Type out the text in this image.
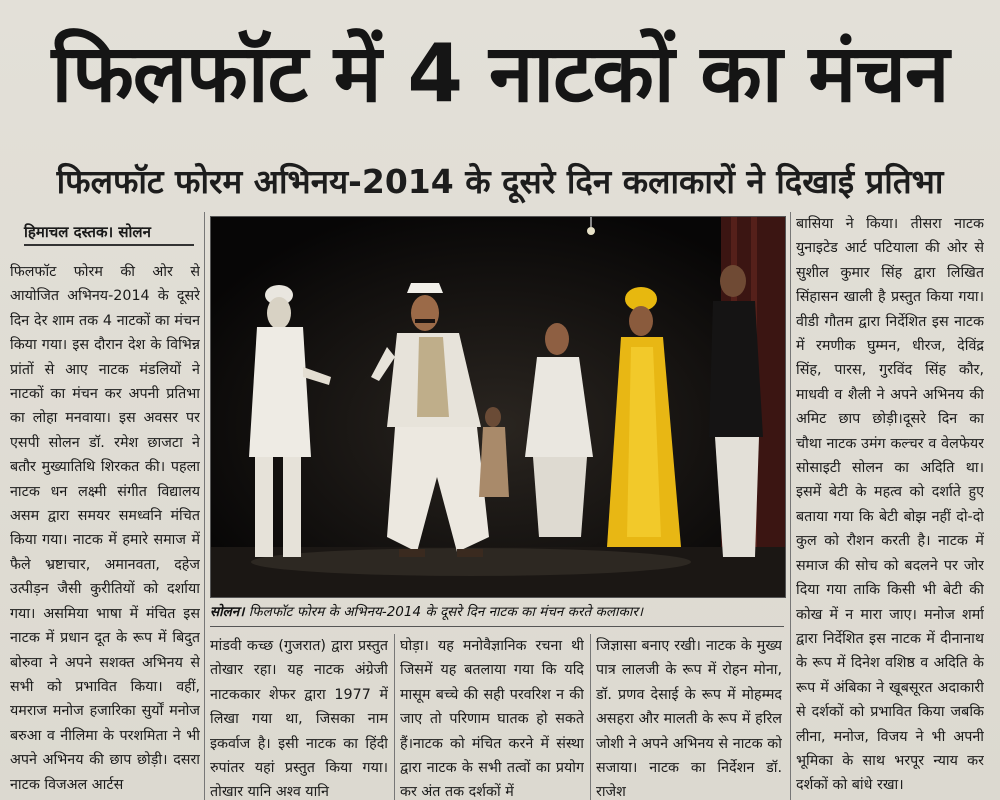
फिलफॉट में 4 नाटकों का मंचन
फिलफॉट फोरम अभिनय-2014 के दूसरे दिन कलाकारों ने दिखाई प्रतिभा
हिमाचल दस्तक। सोलन

फिलफॉट फोरम की ओर से आयोजित अभिनय-2014 के दूसरे दिन देर शाम तक 4 नाटकों का मंचन किया गया। इस दौरान देश के विभिन्न प्रांतों से आए नाटक मंडलियों ने नाटकों का मंचन कर अपनी प्रतिभा का लोहा मनवाया। इस अवसर पर एसपी सोलन डॉ. रमेश छाजटा ने बतौर मुख्यातिथि शिरकत की। पहला नाटक धन लक्ष्मी संगीत विद्यालय असम द्वारा समयर समध्वनि मंचित किया गया। नाटक में हमारे समाज में फैले भ्रष्टाचार, अमानवता, दहेज उत्पीड़न जैसी कुरीतियों को दर्शाया गया। असमिया भाषा में मंचित इस नाटक में प्रधान दूत के रूप में बिदुत बोरुवा ने अपने सशक्त अभिनय से सभी को प्रभावित किया। वहीं, यमराज मनोज हजारिका सुर्यों मनोज बरुआ व नीलिमा के परशमिता ने भी अपने अभिनय की छाप छोड़ी। दसरा नाटक विजअल आर्टस

सोलन। फिलफॉट फोरम के अभिनय-2014 के दूसरे दिन नाटक का मंचन करते कलाकार।

मांडवी कच्छ (गुजरात) द्वारा प्रस्तुत तोखार रहा। यह नाटक अंग्रेजी नाटककार शेफर द्वारा 1977 में लिखा गया था, जिसका नाम इकर्वाज है। इसी नाटक का हिंदी रुपांतर यहां प्रस्तुत किया गया। तोखार यानि अश्व यानि

घोड़ा। यह मनोवैज्ञानिक रचना थी जिसमें यह बतलाया गया कि यदि मासूम बच्चे की सही परवरिश न की जाए तो परिणाम घातक हो सकते हैं।नाटक को मंचित करने में संस्था द्वारा नाटक के सभी तत्वों का प्रयोग कर अंत तक दर्शकों में

जिज्ञासा बनाए रखी। नाटक के मुख्य पात्र लालजी के रूप में रोहन मोना, डॉ. प्रणव देसाई के रूप में मोहम्मद असहरा और मालती के रूप में हरिल जोशी ने अपने अभिनय से नाटक को सजाया। नाटक का निर्देशन डॉ. राजेश

बासिया ने किया। तीसरा नाटक युनाइटेड आर्ट पटियाला की ओर से सुशील कुमार सिंह द्वारा लिखित सिंहासन खाली है प्रस्तुत किया गया। वीडी गौतम द्वारा निर्देशित इस नाटक में रमणीक घुम्मन, धीरज, देविंद्र सिंह, पारस, गुरविंद सिंह कौर, माधवी व शैली ने अपने अभिनय की अमिट छाप छोड़ी।दूसरे दिन का चौथा नाटक उमंग कल्चर व वेलफेयर सोसाइटी सोलन का अदिति था। इसमें बेटी के महत्व को दर्शाते हुए बताया गया कि बेटी बोझ नहीं दो-दो कुल को रौशन करती है। नाटक में समाज की सोच को बदलने पर जोर दिया गया ताकि किसी भी बेटी की कोख में न मारा जाए। मनोज शर्मा द्वारा निर्देशित इस नाटक में दीनानाथ के रूप में दिनेश वशिष्ठ व अदिति के रूप में अंबिका ने खूबसूरत अदाकारी से दर्शकों को प्रभावित किया जबकि लीना, मनोज, विजय ने भी अपनी भूमिका के साथ भरपूर न्याय कर दर्शकों को बांधे रखा।
